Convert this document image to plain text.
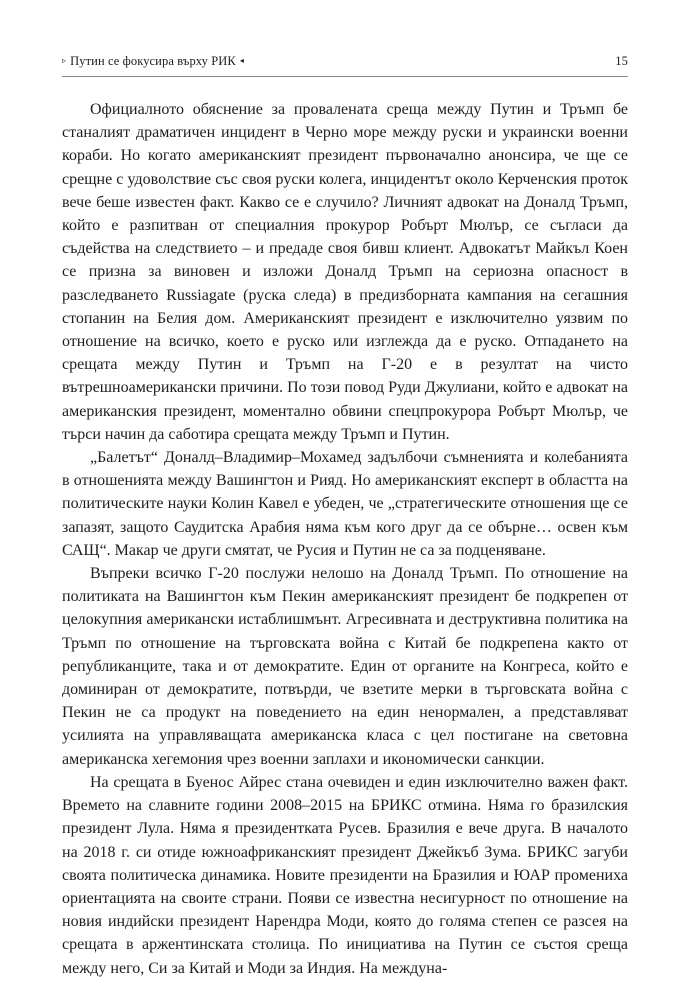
▹ Путин се фокусира върху РИК ◂	15

Официалното обяснение за провалената среща между Путин и Тръмп бе станалият драматичен инцидент в Черно море между руски и украински военни кораби. Но когато американският президент първоначално анонсира, че ще се срещне с удоволствие със своя руски колега, инцидентът около Керченския проток вече беше известен факт. Какво се е случило? Личният адвокат на Доналд Тръмп, който е разпитван от специалния прокурор Робърт Мюлър, се съгласи да съдейства на следствието – и предаде своя бивш клиент. Адвокатът Майкъл Коен се призна за виновен и изложи Доналд Тръмп на сериозна опасност в разследването Russiagate (руска следа) в предизборната кампания на сегашния стопанин на Белия дом. Американският президент е изключително уязвим по отношение на всичко, което е руско или изглежда да е руско. Отпадането на срещата между Путин и Тръмп на Г-20 е в резултат на чисто вътрешноамерикански причини. По този повод Руди Джулиани, който е адвокат на американския президент, моментално обвини спецпрокурора Робърт Мюлър, че търси начин да саботира срещата между Тръмп и Путин.

„Балетът“ Доналд–Владимир–Мохамед задълбочи съмненията и колебанията в отношенията между Вашингтон и Рияд. Но американският експерт в областта на политическите науки Колин Кавел е убеден, че „стратегическите отношения ще се запазят, защото Саудитска Арабия няма към кого друг да се обърне… освен към САЩ“. Макар че други смятат, че Русия и Путин не са за подценяване.

Въпреки всичко Г-20 послужи нелошо на Доналд Тръмп. По отношение на политиката на Вашингтон към Пекин американският президент бе подкрепен от целокупния американски истаблишмънт. Агресивната и деструктивна политика на Тръмп по отношение на търговската война с Китай бе подкрепена както от републиканците, така и от демократите. Един от органите на Конгреса, който е доминиран от демократите, потвърди, че взетите мерки в търговската война с Пекин не са продукт на поведението на един ненормален, а представляват усилията на управляващата американска класа с цел постигане на световна американска хегемония чрез военни заплахи и икономически санкции.

На срещата в Буенос Айрес стана очевиден и един изключително важен факт. Времето на славните години 2008–2015 на БРИКС отмина. Няма го бразилския президент Лула. Няма я президентката Русев. Бразилия е вече друга. В началото на 2018 г. си отиде южноафриканският президент Джейкъб Зума. БРИКС загуби своята политическа динамика. Новите президенти на Бразилия и ЮАР промениха ориентацията на своите страни. Появи се известна несигурност по отношение на новия индийски президент Нарендра Моди, която до голяма степен се разсея на срещата в аржентинската столица. По инициатива на Путин се състоя среща между него, Си за Китай и Моди за Индия. На междуна-
